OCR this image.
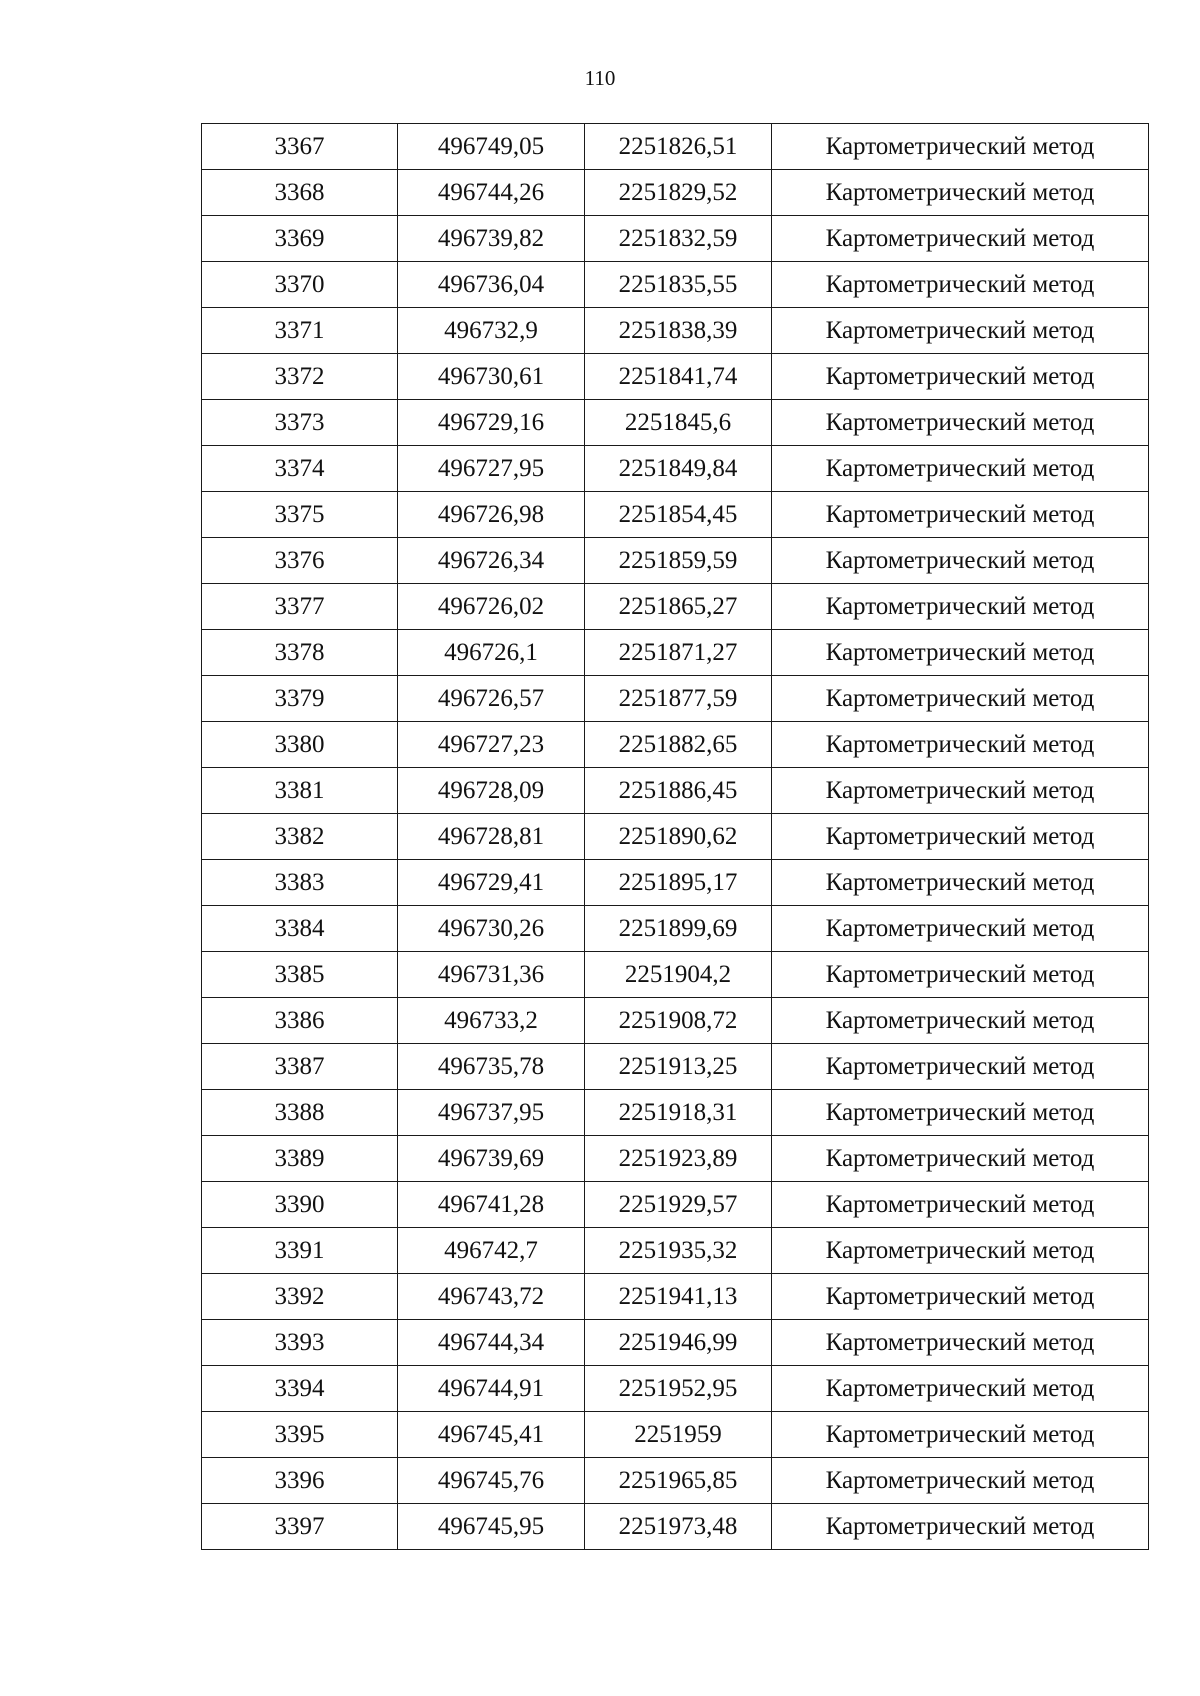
110
3367	496749,05	2251826,51	Картометрический метод
3368	496744,26	2251829,52	Картометрический метод
3369	496739,82	2251832,59	Картометрический метод
3370	496736,04	2251835,55	Картометрический метод
3371	496732,9	2251838,39	Картометрический метод
3372	496730,61	2251841,74	Картометрический метод
3373	496729,16	2251845,6	Картометрический метод
3374	496727,95	2251849,84	Картометрический метод
3375	496726,98	2251854,45	Картометрический метод
3376	496726,34	2251859,59	Картометрический метод
3377	496726,02	2251865,27	Картометрический метод
3378	496726,1	2251871,27	Картометрический метод
3379	496726,57	2251877,59	Картометрический метод
3380	496727,23	2251882,65	Картометрический метод
3381	496728,09	2251886,45	Картометрический метод
3382	496728,81	2251890,62	Картометрический метод
3383	496729,41	2251895,17	Картометрический метод
3384	496730,26	2251899,69	Картометрический метод
3385	496731,36	2251904,2	Картометрический метод
3386	496733,2	2251908,72	Картометрический метод
3387	496735,78	2251913,25	Картометрический метод
3388	496737,95	2251918,31	Картометрический метод
3389	496739,69	2251923,89	Картометрический метод
3390	496741,28	2251929,57	Картометрический метод
3391	496742,7	2251935,32	Картометрический метод
3392	496743,72	2251941,13	Картометрический метод
3393	496744,34	2251946,99	Картометрический метод
3394	496744,91	2251952,95	Картометрический метод
3395	496745,41	2251959	Картометрический метод
3396	496745,76	2251965,85	Картометрический метод
3397	496745,95	2251973,48	Картометрический метод
